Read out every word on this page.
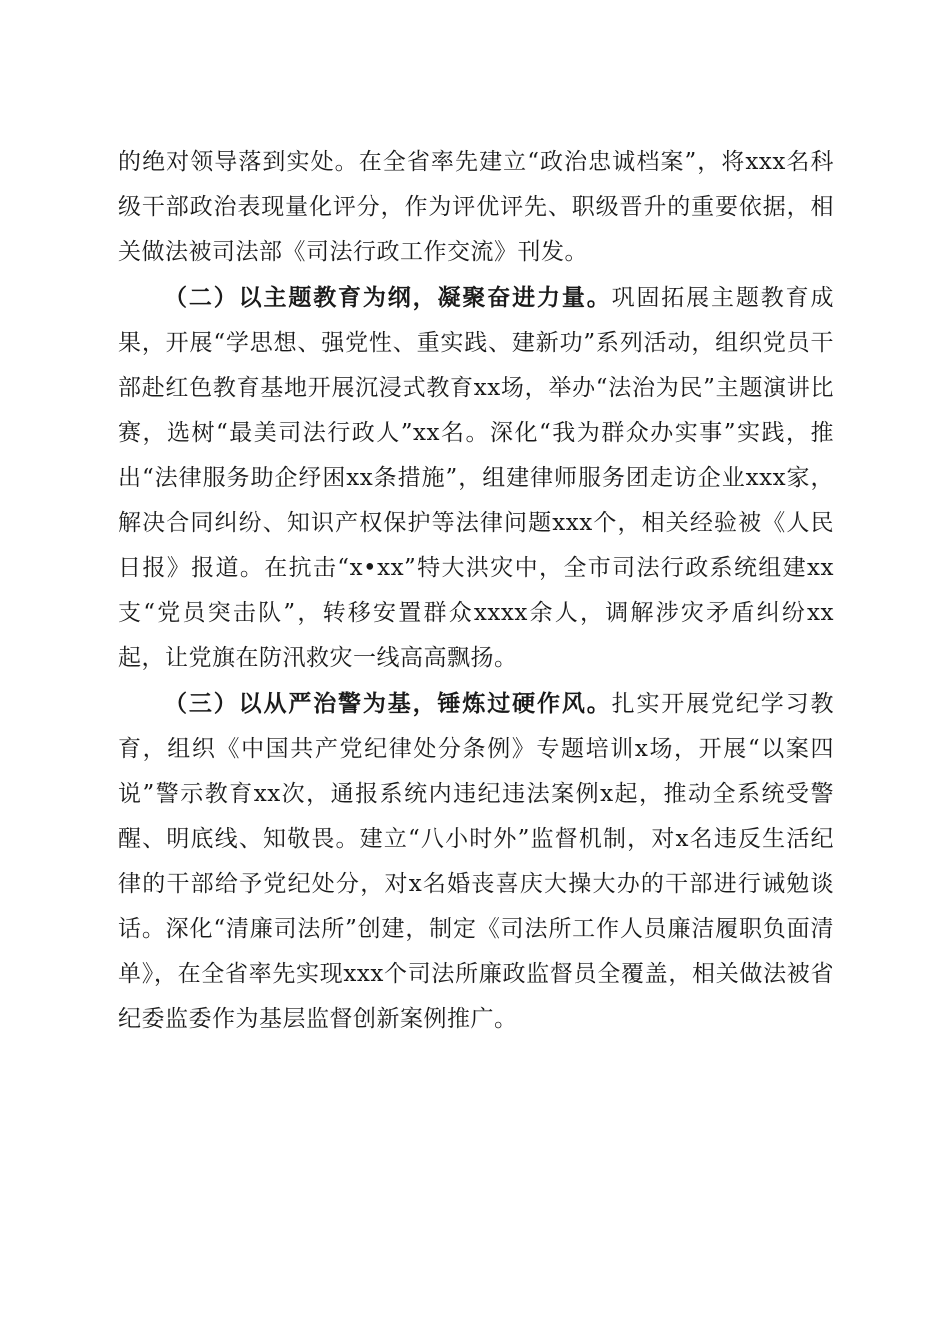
的绝对领导落到实处。在全省率先建立“政治忠诚档案”，将xxx名科级干部政治表现量化评分，作为评优评先、职级晋升的重要依据，相关做法被司法部《司法行政工作交流》刊发。

（二）以主题教育为纲，凝聚奋进力量。巩固拓展主题教育成果，开展“学思想、强党性、重实践、建新功”系列活动，组织党员干部赴红色教育基地开展沉浸式教育xx场，举办“法治为民”主题演讲比赛，选树“最美司法行政人”xx名。深化“我为群众办实事”实践，推出“法律服务助企纾困xx条措施”，组建律师服务团走访企业xxx家，解决合同纠纷、知识产权保护等法律问题xxx个，相关经验被《人民日报》报道。在抗击“x•xx”特大洪灾中，全市司法行政系统组建xx支“党员突击队”，转移安置群众xxxx余人，调解涉灾矛盾纠纷xx起，让党旗在防汛救灾一线高高飘扬。

（三）以从严治警为基，锤炼过硬作风。扎实开展党纪学习教育，组织《中国共产党纪律处分条例》专题培训x场，开展“以案四说”警示教育xx次，通报系统内违纪违法案例x起，推动全系统受警醒、明底线、知敬畏。建立“八小时外”监督机制，对x名违反生活纪律的干部给予党纪处分，对x名婚丧喜庆大操大办的干部进行诫勉谈话。深化“清廉司法所”创建，制定《司法所工作人员廉洁履职负面清单》，在全省率先实现xxx个司法所廉政监督员全覆盖，相关做法被省纪委监委作为基层监督创新案例推广。
